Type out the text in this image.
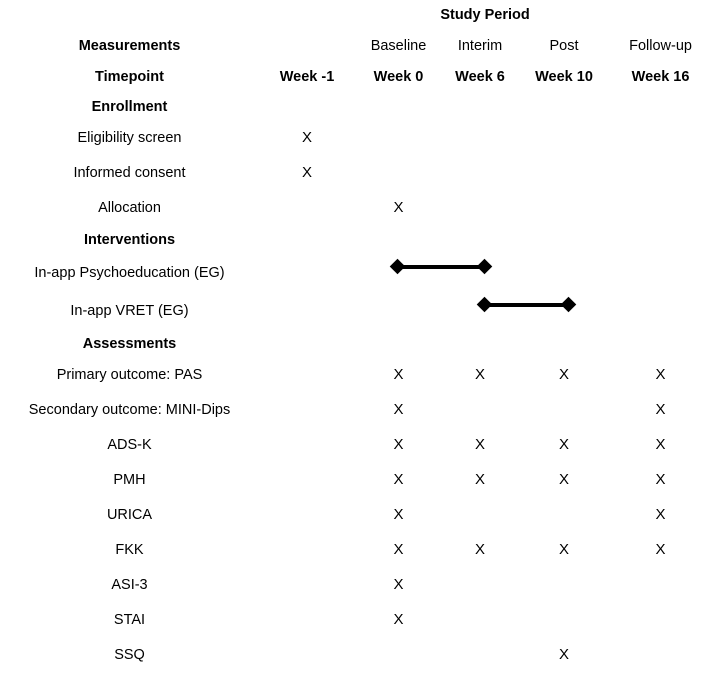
	Study Period				
Measurements		Baseline	Interim	Post	Follow-up
Timepoint	Week -1	Week 0	Week 6	Week 10	Week 16
Enrollment					
Eligibility screen	X				
Informed consent	X				
Allocation		X			
Interventions					
In-app Psychoeducation (EG)					
In-app VRET (EG)					
Assessments					
Primary outcome: PAS		X	X	X	X
Secondary outcome: MINI-Dips		X			X
ADS-K		X	X	X	X
PMH		X	X	X	X
URICA		X			X
FKK		X	X	X	X
ASI-3		X			
STAI		X			
SSQ				X	
